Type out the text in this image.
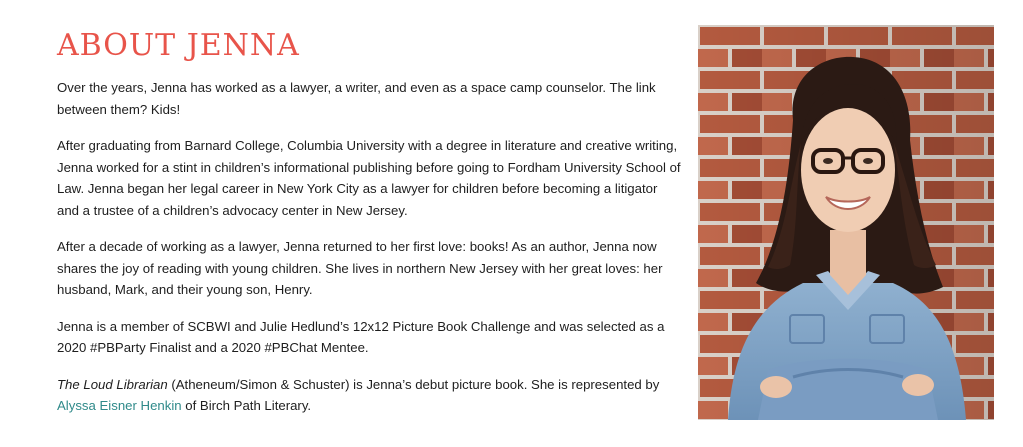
ABOUT JENNA

Over the years, Jenna has worked as a lawyer, a writer, and even as a space camp counselor. The link between them? Kids!

After graduating from Barnard College, Columbia University with a degree in literature and creative writing, Jenna worked for a stint in children’s informational publishing before going to Fordham University School of Law. Jenna began her legal career in New York City as a lawyer for children before becoming a litigator and a trustee of a children’s advocacy center in New Jersey.

After a decade of working as a lawyer, Jenna returned to her first love: books! As an author, Jenna now shares the joy of reading with young children. She lives in northern New Jersey with her great loves: her husband, Mark, and their young son, Henry.

Jenna is a member of SCBWI and Julie Hedlund’s 12x12 Picture Book Challenge and was selected as a 2020 #PBParty Finalist and a 2020 #PBChat Mentee.

The Loud Librarian (Atheneum/Simon & Schuster) is Jenna’s debut picture book. She is represented by Alyssa Eisner Henkin of Birch Path Literary.
